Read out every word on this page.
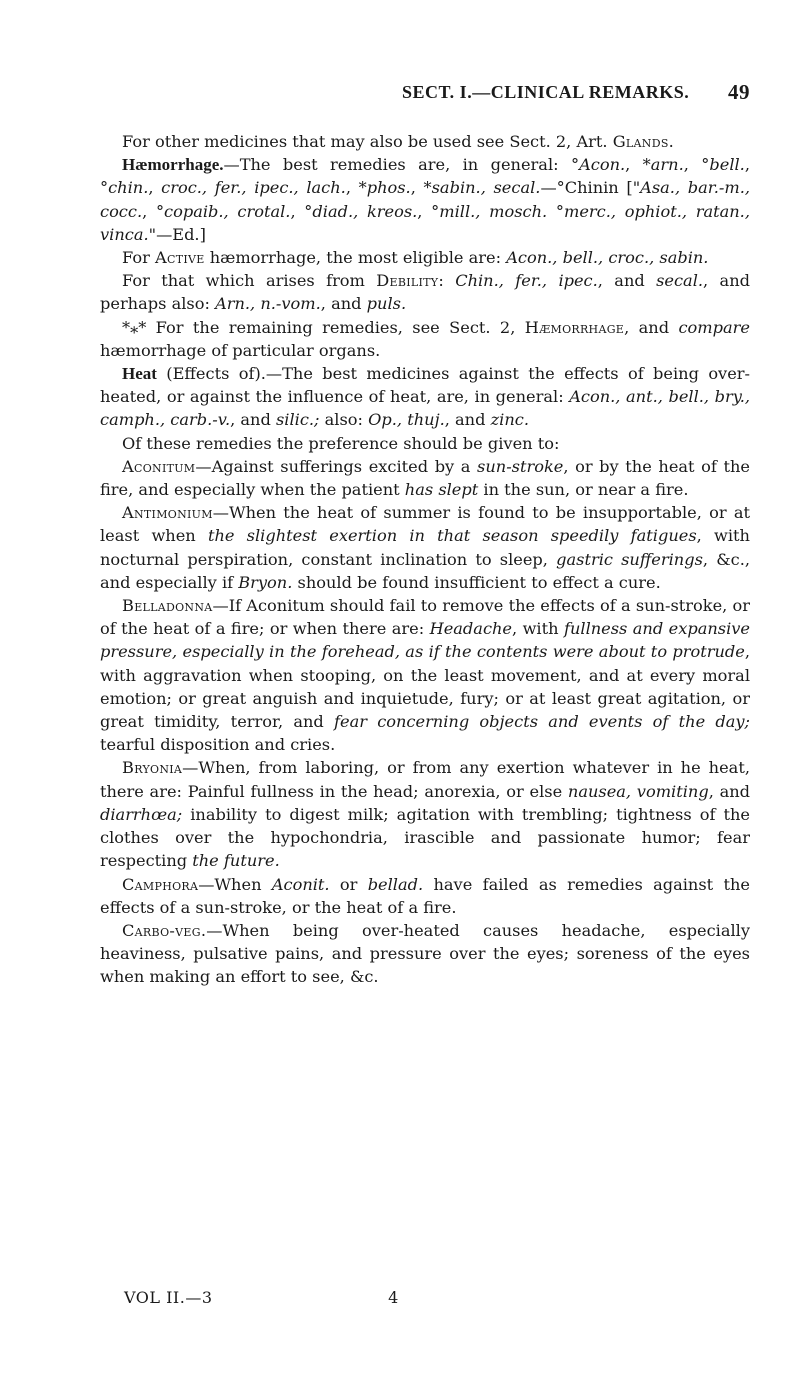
SECT. I.—CLINICAL REMARKS. 49

For other medicines that may also be used see Sect. 2, Art. Glands.

Hæmorrhage.—The best remedies are, in general: °Acon., *arn., °bell., °chin., croc., fer., ipec., lach., *phos., *sabin., secal.—°Chinin ["Asa., bar.-m., cocc., °copaib., crotal., °diad., kreos., °mill., mosch. °merc., ophiot., ratan., vinca."—Ed.]

For Active hæmorrhage, the most eligible are: Acon., bell., croc., sabin.

For that which arises from Debility: Chin., fer., ipec., and secal., and perhaps also: Arn., n.-vom., and puls.

*⁎* For the remaining remedies, see Sect. 2, Hæmorrhage, and compare hæmorrhage of particular organs.

Heat (Effects of).—The best medicines against the effects of being over-heated, or against the influence of heat, are, in general: Acon., ant., bell., bry., camph., carb.-v., and silic.; also: Op., thuj., and zinc.

Of these remedies the preference should be given to:

Aconitum—Against sufferings excited by a sun-stroke, or by the heat of the fire, and especially when the patient has slept in the sun, or near a fire.

Antimonium—When the heat of summer is found to be insupportable, or at least when the slightest exertion in that season speedily fatigues, with nocturnal perspiration, constant inclination to sleep, gastric sufferings, &c., and especially if Bryon. should be found insufficient to effect a cure.

Belladonna—If Aconitum should fail to remove the effects of a sun-stroke, or of the heat of a fire; or when there are: Headache, with fullness and expansive pressure, especially in the forehead, as if the contents were about to protrude, with aggravation when stooping, on the least movement, and at every moral emotion; or great anguish and inquietude, fury; or at least great agitation, or great timidity, terror, and fear concerning objects and events of the day; tearful disposition and cries.

Bryonia—When, from laboring, or from any exertion whatever in he heat, there are: Painful fullness in the head; anorexia, or else nausea, vomiting, and diarrhœa; inability to digest milk; agitation with trembling; tightness of the clothes over the hypochondria, irascible and passionate humor; fear respecting the future.

Camphora—When Aconit. or bellad. have failed as remedies against the effects of a sun-stroke, or the heat of a fire.

Carbo-veg.—When being over-heated causes headache, especially heaviness, pulsative pains, and pressure over the eyes; soreness of the eyes when making an effort to see, &c.

VOL II.—3	4
